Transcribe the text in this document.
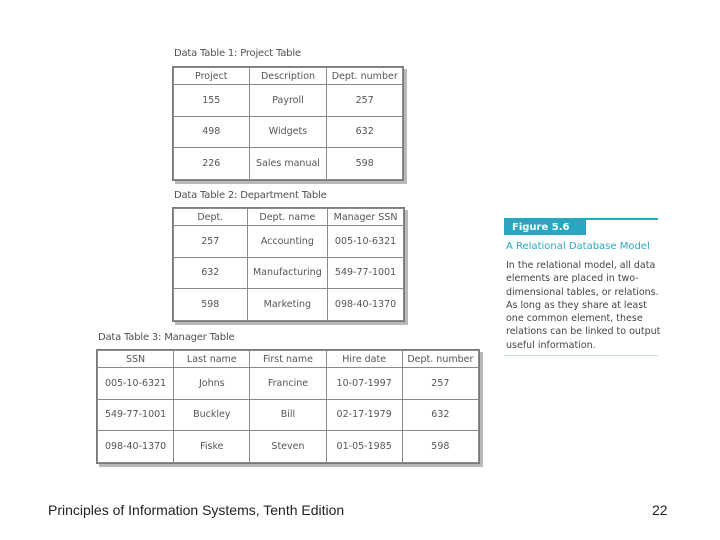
Data Table 1: Project Table
Project	Description	Dept. number
155	Payroll	257
498	Widgets	632
226	Sales manual	598
Data Table 2: Department Table
Dept.	Dept. name	Manager SSN
257	Accounting	005-10-6321
632	Manufacturing	549-77-1001
598	Marketing	098-40-1370
Data Table 3: Manager Table
SSN	Last name	First name	Hire date	Dept. number
005-10-6321	Johns	Francine	10-07-1997	257
549-77-1001	Buckley	Bill	02-17-1979	632
098-40-1370	Fiske	Steven	01-05-1985	598
Figure 5.6
A Relational Database Model
In the relational model, all data elements are placed in two-dimensional tables, or relations. As long as they share at least one common element, these relations can be linked to output useful information.
Principles of Information Systems, Tenth Edition	22
